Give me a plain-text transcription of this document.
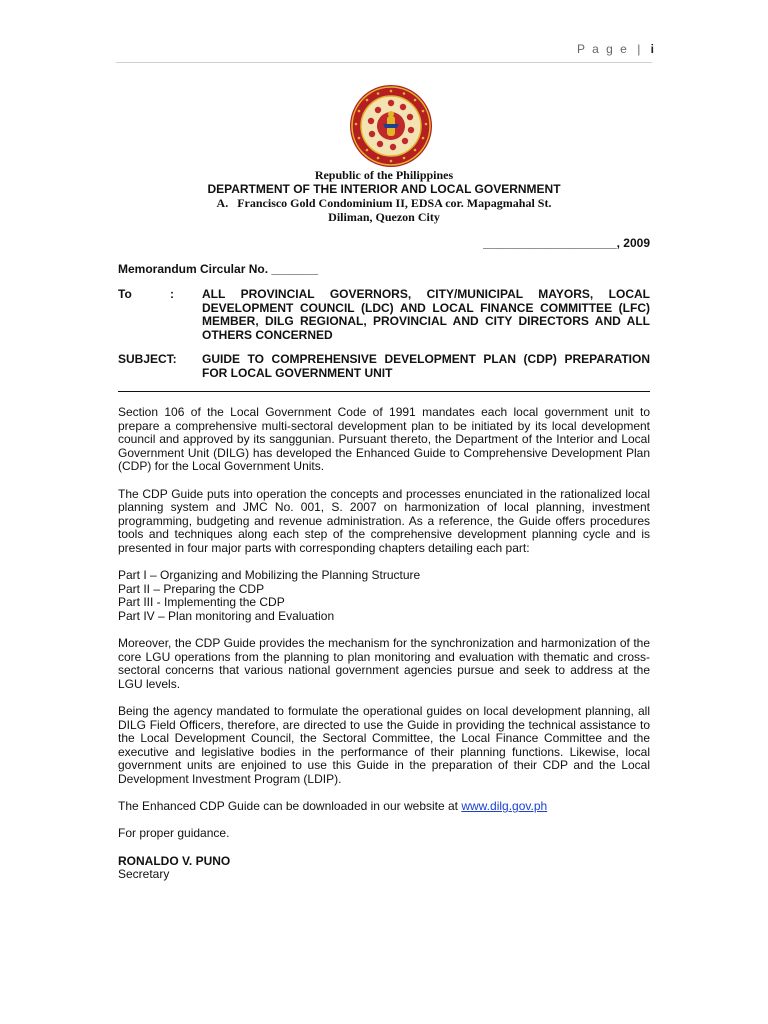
P a g e | i
Republic of the Philippines
DEPARTMENT OF THE INTERIOR AND LOCAL GOVERNMENT
A.   Francisco Gold Condominium II, EDSA cor. Mapagmahal St.
Diliman, Quezon City
____________________, 2009
Memorandum Circular No. _______
To	:	ALL PROVINCIAL GOVERNORS, CITY/MUNICIPAL MAYORS, LOCAL DEVELOPMENT COUNCIL (LDC) AND LOCAL FINANCE COMMITTEE (LFC) MEMBER, DILG REGIONAL, PROVINCIAL AND CITY DIRECTORS AND ALL OTHERS CONCERNED
SUBJECT:	GUIDE TO COMPREHENSIVE DEVELOPMENT PLAN (CDP) PREPARATION FOR LOCAL GOVERNMENT UNIT

Section 106 of the Local Government Code of 1991 mandates each local government unit to prepare a comprehensive multi-sectoral development plan to be initiated by its local development council and approved by its sanggunian. Pursuant thereto, the Department of the Interior and Local Government Unit (DILG) has developed the Enhanced Guide to Comprehensive Development Plan (CDP) for the Local Government Units.

The CDP Guide puts into operation the concepts and processes enunciated in the rationalized local planning system and JMC No. 001, S. 2007 on harmonization of local planning, investment programming, budgeting and revenue administration. As a reference, the Guide offers procedures tools and techniques along each step of the comprehensive development planning cycle and is presented in four major parts with corresponding chapters detailing each part:

Part I – Organizing and Mobilizing the Planning Structure
Part II – Preparing the CDP
Part III - Implementing the CDP
Part IV – Plan monitoring and Evaluation

Moreover, the CDP Guide provides the mechanism for the synchronization and harmonization of the core LGU operations from the planning to plan monitoring and evaluation with thematic and cross-sectoral concerns that various national government agencies pursue and seek to address at the LGU levels.

Being the agency mandated to formulate the operational guides on local development planning, all DILG Field Officers, therefore, are directed to use the Guide in providing the technical assistance to the Local Development Council, the Sectoral Committee, the Local Finance Committee and the executive and legislative bodies in the performance of their planning functions. Likewise, local government units are enjoined to use this Guide in the preparation of their CDP and the Local Development Investment Program (LDIP).

The Enhanced CDP Guide can be downloaded in our website at www.dilg.gov.ph

For proper guidance.

RONALDO V. PUNO
Secretary
